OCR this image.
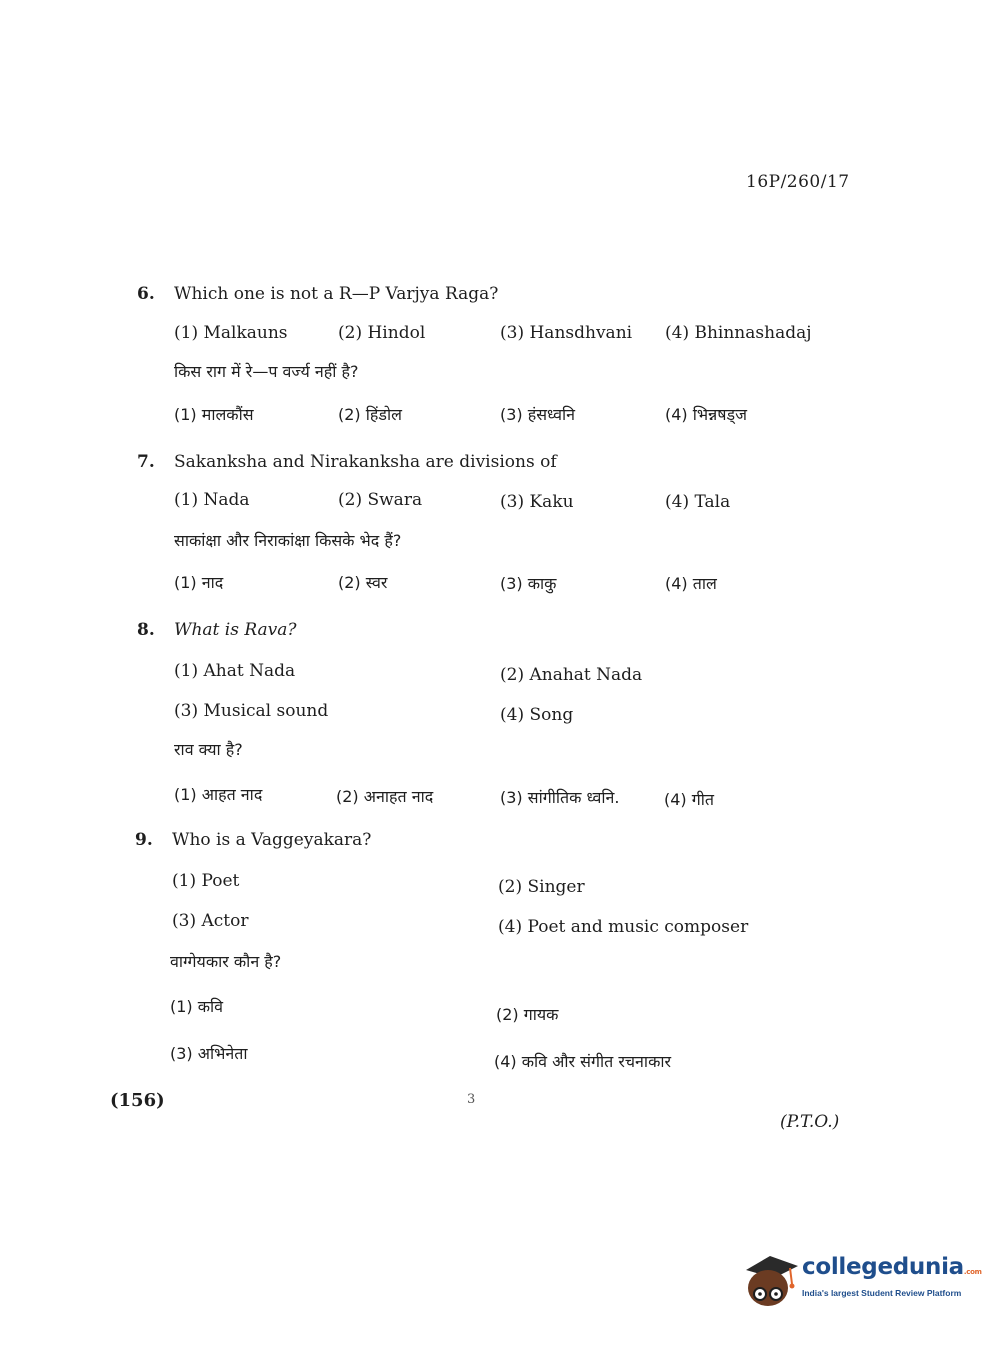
16P/260/17
6. Which one is not a R—P Varjya Raga?
(1) Malkauns	(2) Hindol	(3) Hansdhvani (4) Bhinnashadaj
किस राग में रे—प वर्ज्य नहीं है?
(1) मालकौंस	(2) हिंडोल	(3) हंसध्वनि	(4) भिन्नषड्ज
7. Sakanksha and Nirakanksha are divisions of
(1) Nada	(2) Swara	(3) Kaku	(4) Tala
साकांक्षा और निराकांक्षा किसके भेद हैं?
(1) नाद	(2) स्वर	(3) काकु	(4) ताल
8. What is Rava?
(1) Ahat Nada	(2) Anahat Nada
(3) Musical sound	(4) Song
राव क्या है?
(1) आहत नाद	(2) अनाहत नाद	(3) सांगीतिक ध्वनि.	(4) गीत
9. Who is a Vaggeyakara?
(1) Poet	(2) Singer
(3) Actor	(4) Poet and music composer
वाग्गेयकार कौन है?
(1) कवि	(2) गायक
(3) अभिनेता	(4) कवि और संगीत रचनाकार
(156)	3
(P.T.O.)
collegedunia.com
India's largest Student Review Platform
